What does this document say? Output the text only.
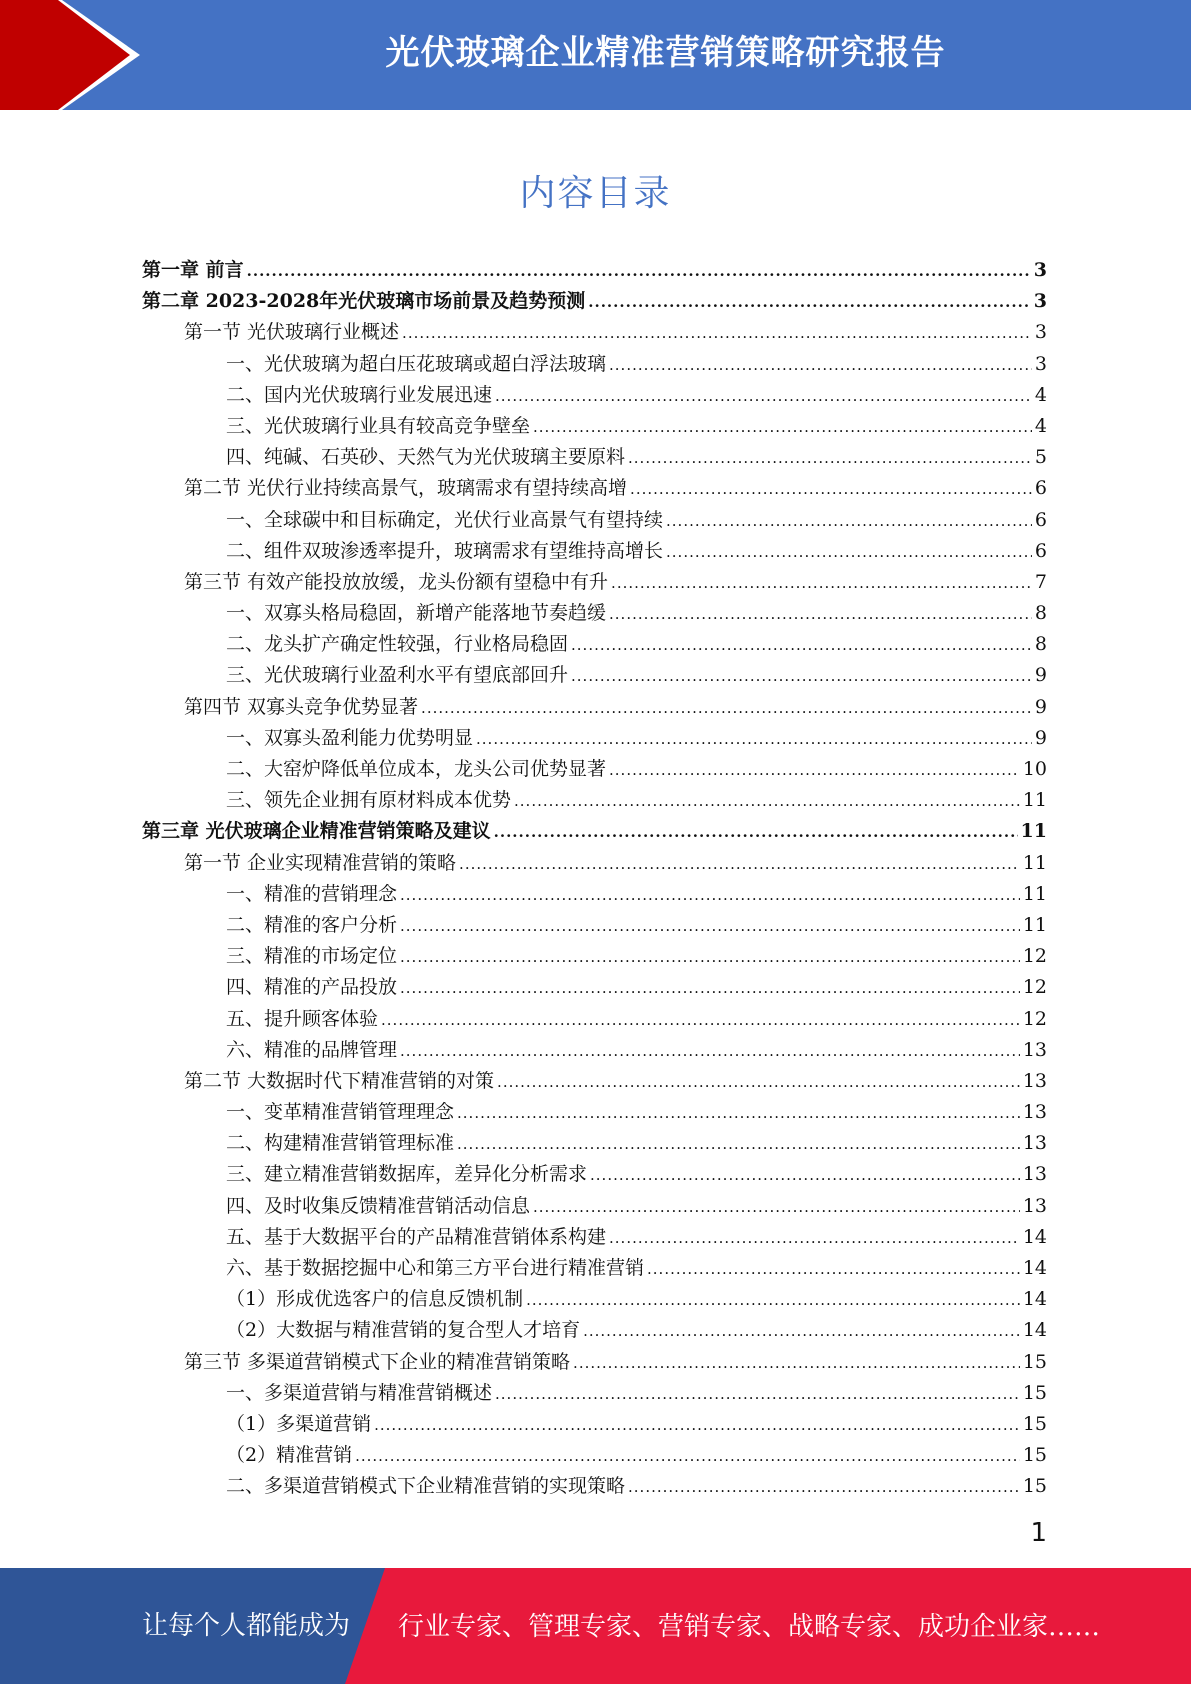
光伏玻璃企业精准营销策略研究报告
内容目录
第一章 前言 .....	3
第二章 2023-2028年光伏玻璃市场前景及趋势预测 .....	3
第一节 光伏玻璃行业概述 .....	3
一、光伏玻璃为超白压花玻璃或超白浮法玻璃 .....	3
二、国内光伏玻璃行业发展迅速 .....	4
三、光伏玻璃行业具有较高竞争壁垒 .....	4
四、纯碱、石英砂、天然气为光伏玻璃主要原料 .....	5
第二节 光伏行业持续高景气，玻璃需求有望持续高增 .....	6
一、全球碳中和目标确定，光伏行业高景气有望持续 .....	6
二、组件双玻渗透率提升，玻璃需求有望维持高增长 .....	6
第三节 有效产能投放放缓，龙头份额有望稳中有升 .....	7
一、双寡头格局稳固，新增产能落地节奏趋缓 .....	8
二、龙头扩产确定性较强，行业格局稳固 .....	8
三、光伏玻璃行业盈利水平有望底部回升 .....	9
第四节 双寡头竞争优势显著 .....	9
一、双寡头盈利能力优势明显 .....	9
二、大窑炉降低单位成本，龙头公司优势显著 .....	10
三、领先企业拥有原材料成本优势 .....	11
第三章 光伏玻璃企业精准营销策略及建议 .....	11
第一节 企业实现精准营销的策略 .....	11
一、精准的营销理念 .....	11
二、精准的客户分析 .....	11
三、精准的市场定位 .....	12
四、精准的产品投放 .....	12
五、提升顾客体验 .....	12
六、精准的品牌管理 .....	13
第二节 大数据时代下精准营销的对策 .....	13
一、变革精准营销管理理念 .....	13
二、构建精准营销管理标准 .....	13
三、建立精准营销数据库，差异化分析需求 .....	13
四、及时收集反馈精准营销活动信息 .....	13
五、基于大数据平台的产品精准营销体系构建 .....	14
六、基于数据挖掘中心和第三方平台进行精准营销 .....	14
（1）形成优选客户的信息反馈机制 .....	14
（2）大数据与精准营销的复合型人才培育 .....	14
第三节 多渠道营销模式下企业的精准营销策略 .....	15
一、多渠道营销与精准营销概述 .....	15
（1）多渠道营销 .....	15
（2）精准营销 .....	15
二、多渠道营销模式下企业精准营销的实现策略 .....	15
1
让每个人都能成为 行业专家、管理专家、营销专家、战略专家、成功企业家……
